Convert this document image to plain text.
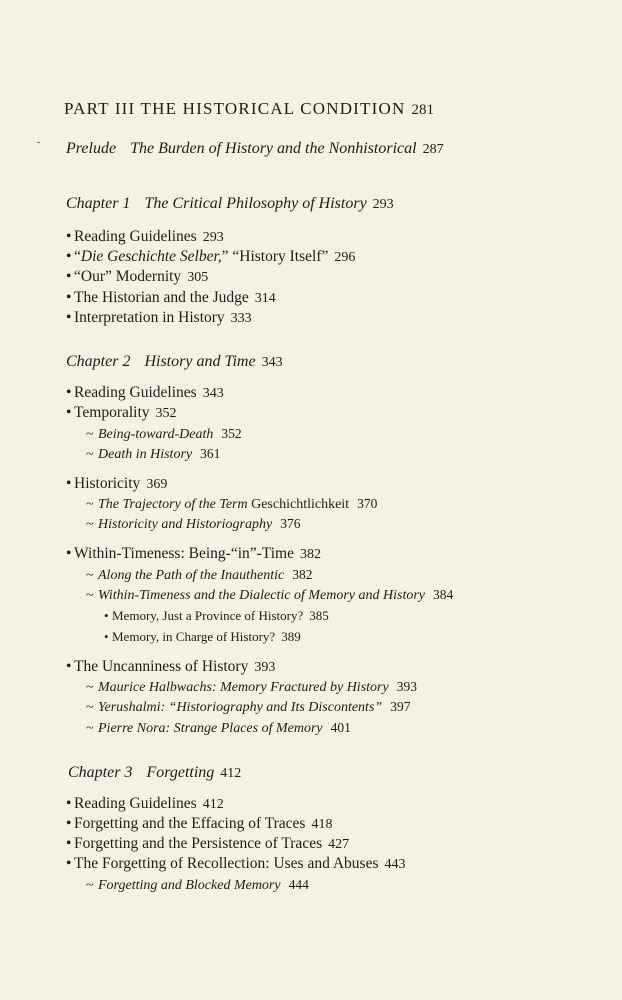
PART III THE HISTORICAL CONDITION 281
Prelude The Burden of History and the Nonhistorical 287
Chapter 1 The Critical Philosophy of History 293
• Reading Guidelines 293
• “Die Geschichte Selber,” “History Itself” 296
• “Our” Modernity 305
• The Historian and the Judge 314
• Interpretation in History 333
Chapter 2 History and Time 343
• Reading Guidelines 343
• Temporality 352
~ Being-toward-Death 352
~ Death in History 361
• Historicity 369
~ The Trajectory of the Term Geschichtlichkeit 370
~ Historicity and Historiography 376
• Within-Timeness: Being-“in”-Time 382
~ Along the Path of the Inauthentic 382
~ Within-Timeness and the Dialectic of Memory and History 384
• Memory, Just a Province of History? 385
• Memory, in Charge of History? 389
• The Uncanniness of History 393
~ Maurice Halbwachs: Memory Fractured by History 393
~ Yerushalmi: “Historiography and Its Discontents” 397
~ Pierre Nora: Strange Places of Memory 401
Chapter 3 Forgetting 412
• Reading Guidelines 412
• Forgetting and the Effacing of Traces 418
• Forgetting and the Persistence of Traces 427
• The Forgetting of Recollection: Uses and Abuses 443
~ Forgetting and Blocked Memory 444
